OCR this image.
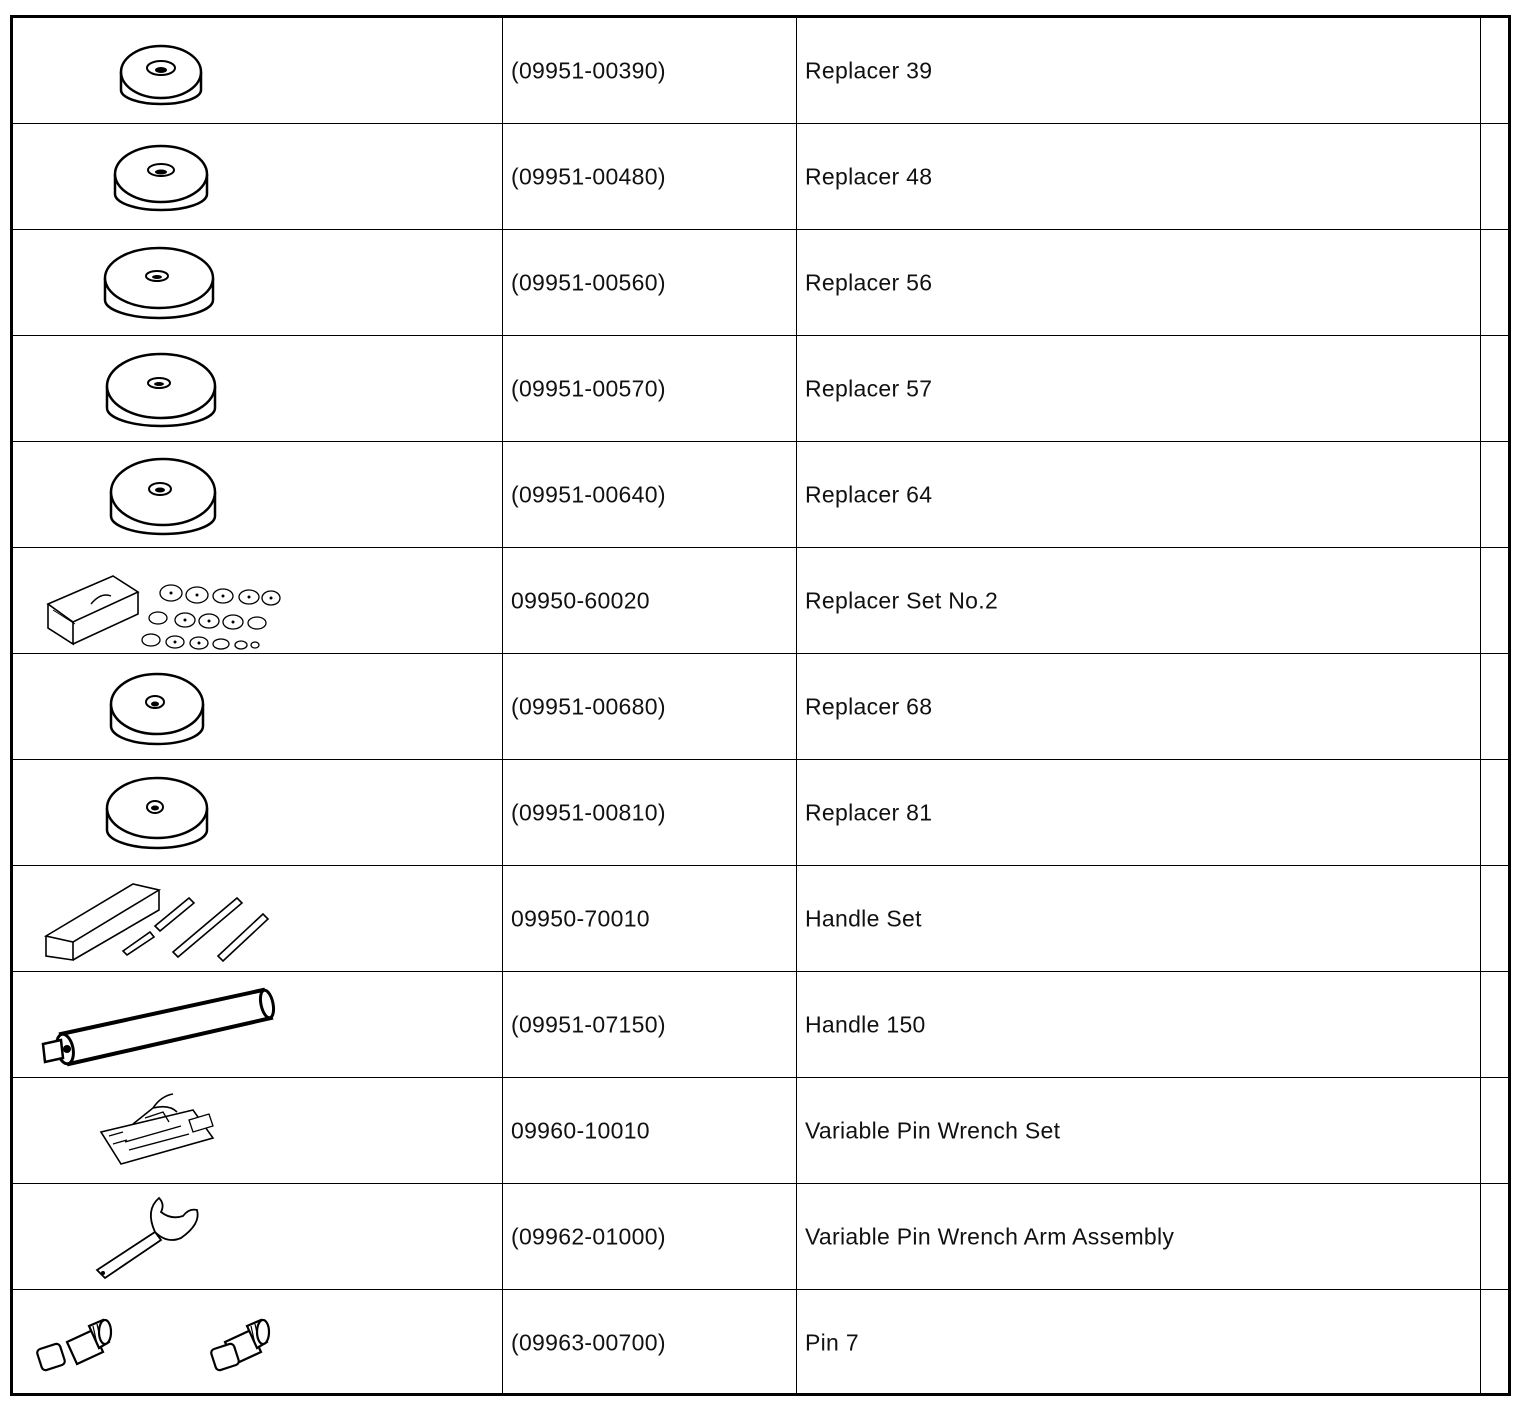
(09951-00390)	Replacer 39
(09951-00480)	Replacer 48
(09951-00560)	Replacer 56
(09951-00570)	Replacer 57
(09951-00640)	Replacer 64
09950-60020	Replacer Set No.2
(09951-00680)	Replacer 68
(09951-00810)	Replacer 81
09950-70010	Handle Set
(09951-07150)	Handle 150
09960-10010	Variable Pin Wrench Set
(09962-01000)	Variable Pin Wrench Arm Assembly
(09963-00700)	Pin 7
